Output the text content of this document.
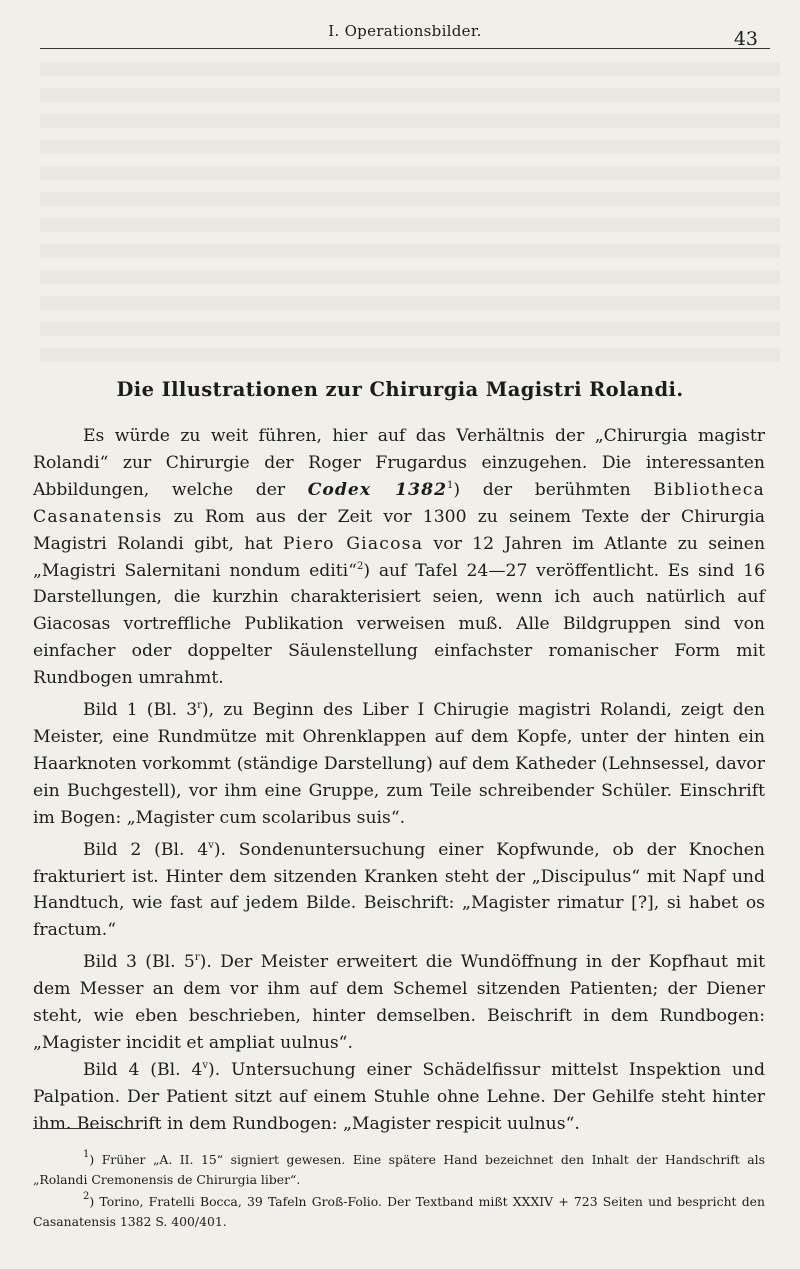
I. Operationsbilder.	43
Die Illustrationen zur Chirurgia Magistri Rolandi.

Es würde zu weit führen, hier auf das Verhältnis der „Chirurgia magistr Rolandi“ zur Chirurgie der Roger Frugardus einzugehen. Die interessanten Abbildungen, welche der Codex 1382$^1$) der berühmten Bibliotheca Casanatensis zu Rom aus der Zeit vor 1300 zu seinem Texte der Chirurgia Magistri Rolandi gibt, hat Piero Giacosa vor 12 Jahren im Atlante zu seinen „Magistri Salernitani nondum editi“$^2$) auf Tafel 24—27 veröffentlicht. Es sind 16 Darstellungen, die kurzhin charakterisiert seien, wenn ich auch natürlich auf Giacosas vortreffliche Publikation verweisen muß. Alle Bildgruppen sind von einfacher oder doppelter Säulenstellung einfachster romanischer Form mit Rundbogen umrahmt.

Bild 1 (Bl. 3$^r$), zu Beginn des Liber I Chirugie magistri Rolandi, zeigt den Meister, eine Rundmütze mit Ohrenklappen auf dem Kopfe, unter der hinten ein Haarknoten vorkommt (ständige Darstellung) auf dem Katheder (Lehnsessel, davor ein Buchgestell), vor ihm eine Gruppe, zum Teile schreibender Schüler. Einschrift im Bogen: „Magister cum scolaribus suis“.

Bild 2 (Bl. 4$^v$). Sondenuntersuchung einer Kopfwunde, ob der Knochen frakturiert ist. Hinter dem sitzenden Kranken steht der „Discipulus“ mit Napf und Handtuch, wie fast auf jedem Bilde. Beischrift: „Magister rimatur [?], si habet os fractum.“

Bild 3 (Bl. 5$^r$). Der Meister erweitert die Wundöffnung in der Kopfhaut mit dem Messer an dem vor ihm auf dem Schemel sitzenden Patienten; der Diener steht, wie eben beschrieben, hinter demselben. Beischrift in dem Rundbogen: „Magister incidit et ampliat uulnus“.

Bild 4 (Bl. 4$^v$). Untersuchung einer Schädelfissur mittelst Inspektion und Palpation. Der Patient sitzt auf einem Stuhle ohne Lehne. Der Gehilfe steht hinter ihm. Beischrift in dem Rundbogen: „Magister respicit uulnus“.

$^1$) Früher „A. II. 15“ signiert gewesen. Eine spätere Hand bezeichnet den Inhalt der Handschrift als „Rolandi Cremonensis de Chirurgia liber“.

$^2$) Torino, Fratelli Bocca, 39 Tafeln Groß-Folio. Der Textband mißt XXXIV + 723 Seiten und bespricht den Casanatensis 1382 S. 400/401.
